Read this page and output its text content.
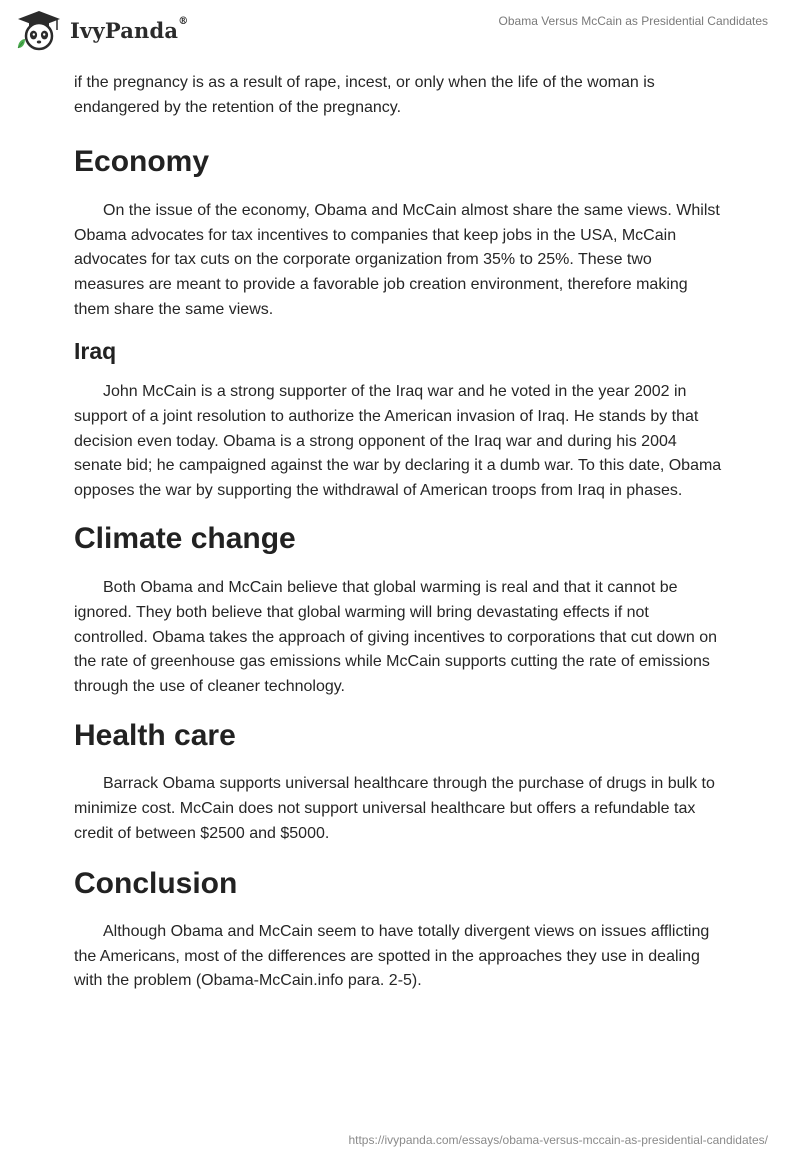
IvyPanda®	Obama Versus McCain as Presidential Candidates

if the pregnancy is as a result of rape, incest, or only when the life of the woman is endangered by the retention of the pregnancy.

Economy

On the issue of the economy, Obama and McCain almost share the same views. Whilst Obama advocates for tax incentives to companies that keep jobs in the USA, McCain advocates for tax cuts on the corporate organization from 35% to 25%. These two measures are meant to provide a favorable job creation environment, therefore making them share the same views.

Iraq

John McCain is a strong supporter of the Iraq war and he voted in the year 2002 in support of a joint resolution to authorize the American invasion of Iraq. He stands by that decision even today. Obama is a strong opponent of the Iraq war and during his 2004 senate bid; he campaigned against the war by declaring it a dumb war. To this date, Obama opposes the war by supporting the withdrawal of American troops from Iraq in phases.

Climate change

Both Obama and McCain believe that global warming is real and that it cannot be ignored. They both believe that global warming will bring devastating effects if not controlled. Obama takes the approach of giving incentives to corporations that cut down on the rate of greenhouse gas emissions while McCain supports cutting the rate of emissions through the use of cleaner technology.

Health care

Barrack Obama supports universal healthcare through the purchase of drugs in bulk to minimize cost. McCain does not support universal healthcare but offers a refundable tax credit of between $2500 and $5000.

Conclusion

Although Obama and McCain seem to have totally divergent views on issues afflicting the Americans, most of the differences are spotted in the approaches they use in dealing with the problem (Obama-McCain.info para. 2-5).

https://ivypanda.com/essays/obama-versus-mccain-as-presidential-candidates/
